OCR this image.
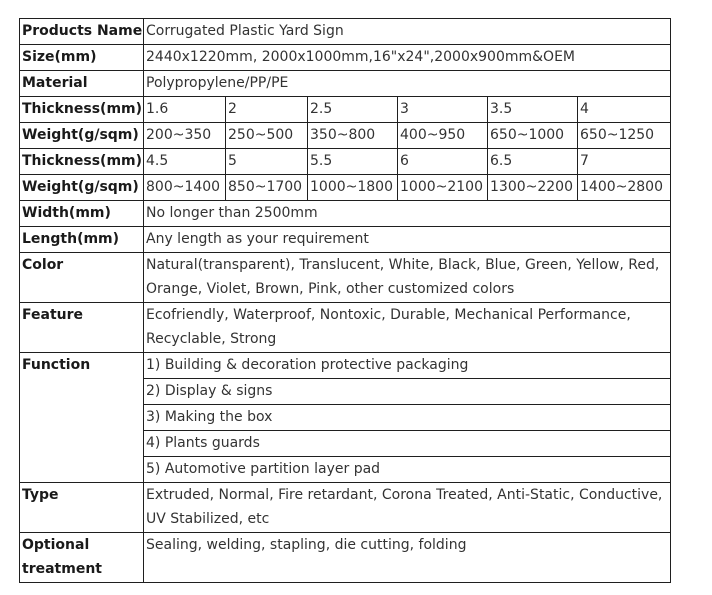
Products Name	Corrugated Plastic Yard Sign					
Size(mm)	2440x1220mm, 2000x1000mm,16"x24",2000x900mm&OEM					
Material	Polypropylene/PP/PE					
Thickness(mm)	1.6	2	2.5	3	3.5	4
Weight(g/sqm)	200~350	250~500	350~800	400~950	650~1000	650~1250
Thickness(mm)	4.5	5	5.5	6	6.5	7
Weight(g/sqm)	800~1400	850~1700	1000~1800	1000~2100	1300~2200	1400~2800
Width(mm)	No longer than 2500mm					
Length(mm)	Any length as your requirement					
Color	Natural(transparent), Translucent, White, Black, Blue, Green, Yellow, Red, Orange, Violet, Brown, Pink, other customized colors					
Feature	Ecofriendly, Waterproof, Nontoxic, Durable, Mechanical Performance, Recyclable, Strong					
Function	1) Building & decoration protective packaging					
	2) Display & signs					
	3) Making the box					
	4) Plants guards					
	5) Automotive partition layer pad					
Type	Extruded, Normal, Fire retardant, Corona Treated, Anti-Static, Conductive, UV Stabilized, etc					
Optional treatment	Sealing, welding, stapling, die cutting, folding					
